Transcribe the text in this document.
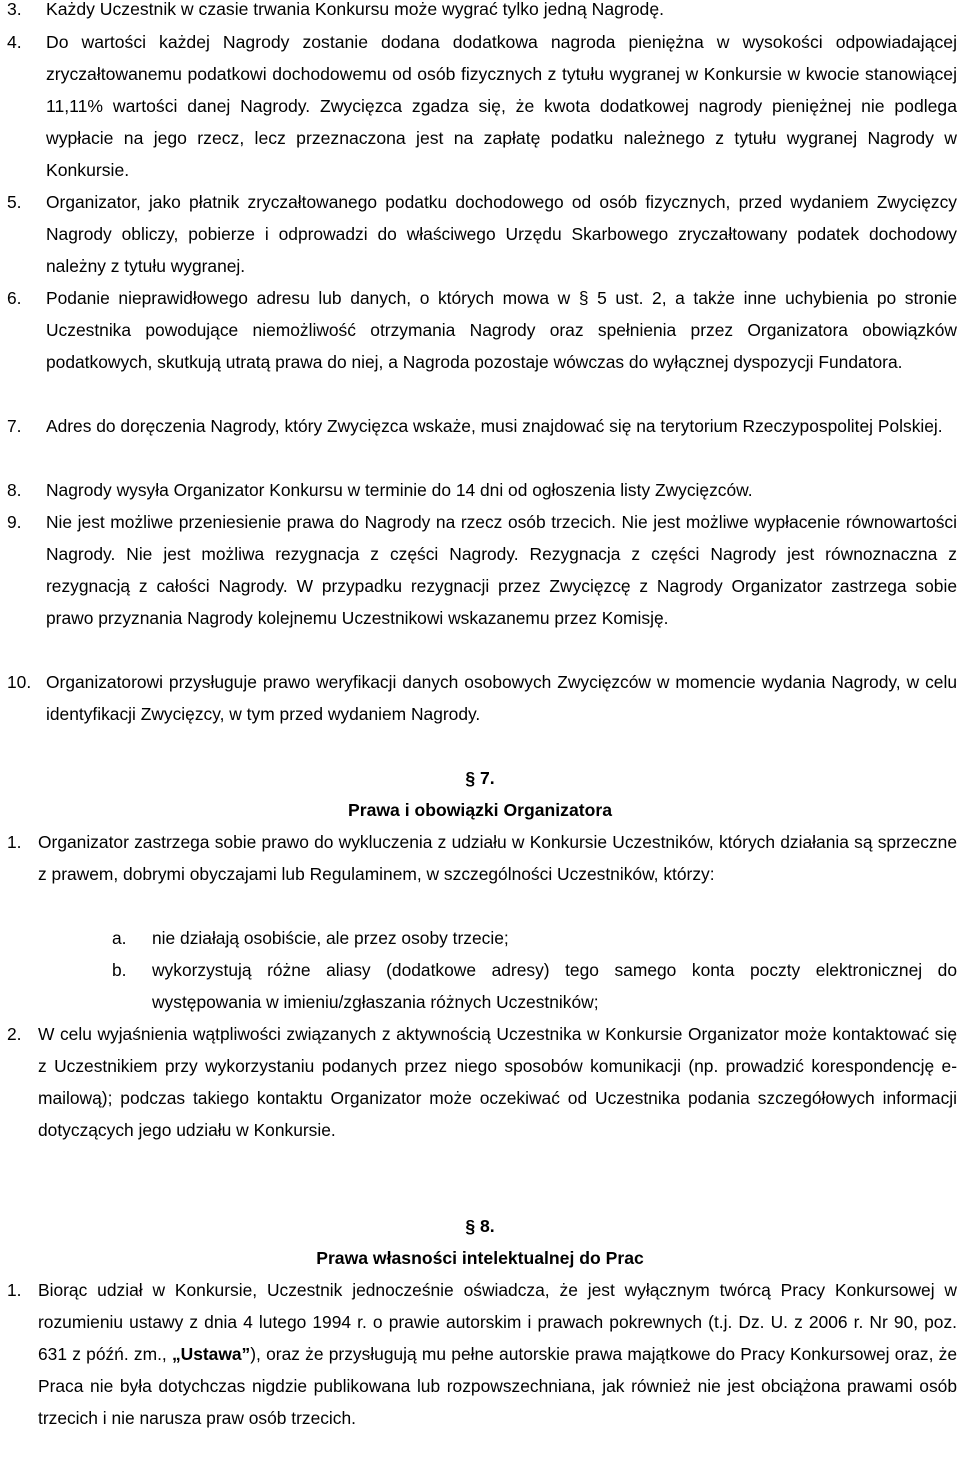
3. Każdy Uczestnik w czasie trwania Konkursu może wygrać tylko jedną Nagrodę.
4. Do wartości każdej Nagrody zostanie dodana dodatkowa nagroda pieniężna w wysokości odpowiadającej zryczałtowanemu podatkowi dochodowemu od osób fizycznych z tytułu wygranej w Konkursie w kwocie stanowiącej 11,11% wartości danej Nagrody. Zwycięzca zgadza się, że kwota dodatkowej nagrody pieniężnej nie podlega wypłacie na jego rzecz, lecz przeznaczona jest na zapłatę podatku należnego z tytułu wygranej Nagrody w Konkursie.
5. Organizator, jako płatnik zryczałtowanego podatku dochodowego od osób fizycznych, przed wydaniem Zwycięzcy Nagrody obliczy, pobierze i odprowadzi do właściwego Urzędu Skarbowego zryczałtowany podatek dochodowy należny z tytułu wygranej.
6. Podanie nieprawidłowego adresu lub danych, o których mowa w § 5 ust. 2, a także inne uchybienia po stronie Uczestnika powodujące niemożliwość otrzymania Nagrody oraz spełnienia przez Organizatora obowiązków podatkowych, skutkują utratą prawa do niej, a Nagroda pozostaje wówczas do wyłącznej dyspozycji Fundatora.
7. Adres do doręczenia Nagrody, który Zwycięzca wskaże, musi znajdować się na terytorium Rzeczypospolitej Polskiej.
8. Nagrody wysyła Organizator Konkursu w terminie do 14 dni od ogłoszenia listy Zwycięzców.
9. Nie jest możliwe przeniesienie prawa do Nagrody na rzecz osób trzecich. Nie jest możliwe wypłacenie równowartości Nagrody. Nie jest możliwa rezygnacja z części Nagrody. Rezygnacja z części Nagrody jest równoznaczna z rezygnacją z całości Nagrody. W przypadku rezygnacji przez Zwycięzcę z Nagrody Organizator zastrzega sobie prawo przyznania Nagrody kolejnemu Uczestnikowi wskazanemu przez Komisję.
10. Organizatorowi przysługuje prawo weryfikacji danych osobowych Zwycięzców w momencie wydania Nagrody, w celu identyfikacji Zwycięzcy, w tym przed wydaniem Nagrody.
§ 7.
Prawa i obowiązki Organizatora
1. Organizator zastrzega sobie prawo do wykluczenia z udziału w Konkursie Uczestników, których działania są sprzeczne z prawem, dobrymi obyczajami lub Regulaminem, w szczególności Uczestników, którzy:
a. nie działają osobiście, ale przez osoby trzecie;
b. wykorzystują różne aliasy (dodatkowe adresy) tego samego konta poczty elektronicznej do występowania w imieniu/zgłaszania różnych Uczestników;
2. W celu wyjaśnienia wątpliwości związanych z aktywnością Uczestnika w Konkursie Organizator może kontaktować się z Uczestnikiem przy wykorzystaniu podanych przez niego sposobów komunikacji (np. prowadzić korespondencję e-mailową); podczas takiego kontaktu Organizator może oczekiwać od Uczestnika podania szczegółowych informacji dotyczących jego udziału w Konkursie.
§ 8.
Prawa własności intelektualnej do Prac
1. Biorąc udział w Konkursie, Uczestnik jednocześnie oświadcza, że jest wyłącznym twórcą Pracy Konkursowej w rozumieniu ustawy z dnia 4 lutego 1994 r. o prawie autorskim i prawach pokrewnych (t.j. Dz. U. z 2006 r. Nr 90, poz. 631 z późń. zm., „Ustawa”), oraz że przysługują mu pełne autorskie prawa majątkowe do Pracy Konkursowej oraz, że Praca nie była dotychczas nigdzie publikowana lub rozpowszechniana, jak również nie jest obciążona prawami osób trzecich i nie narusza praw osób trzecich.
